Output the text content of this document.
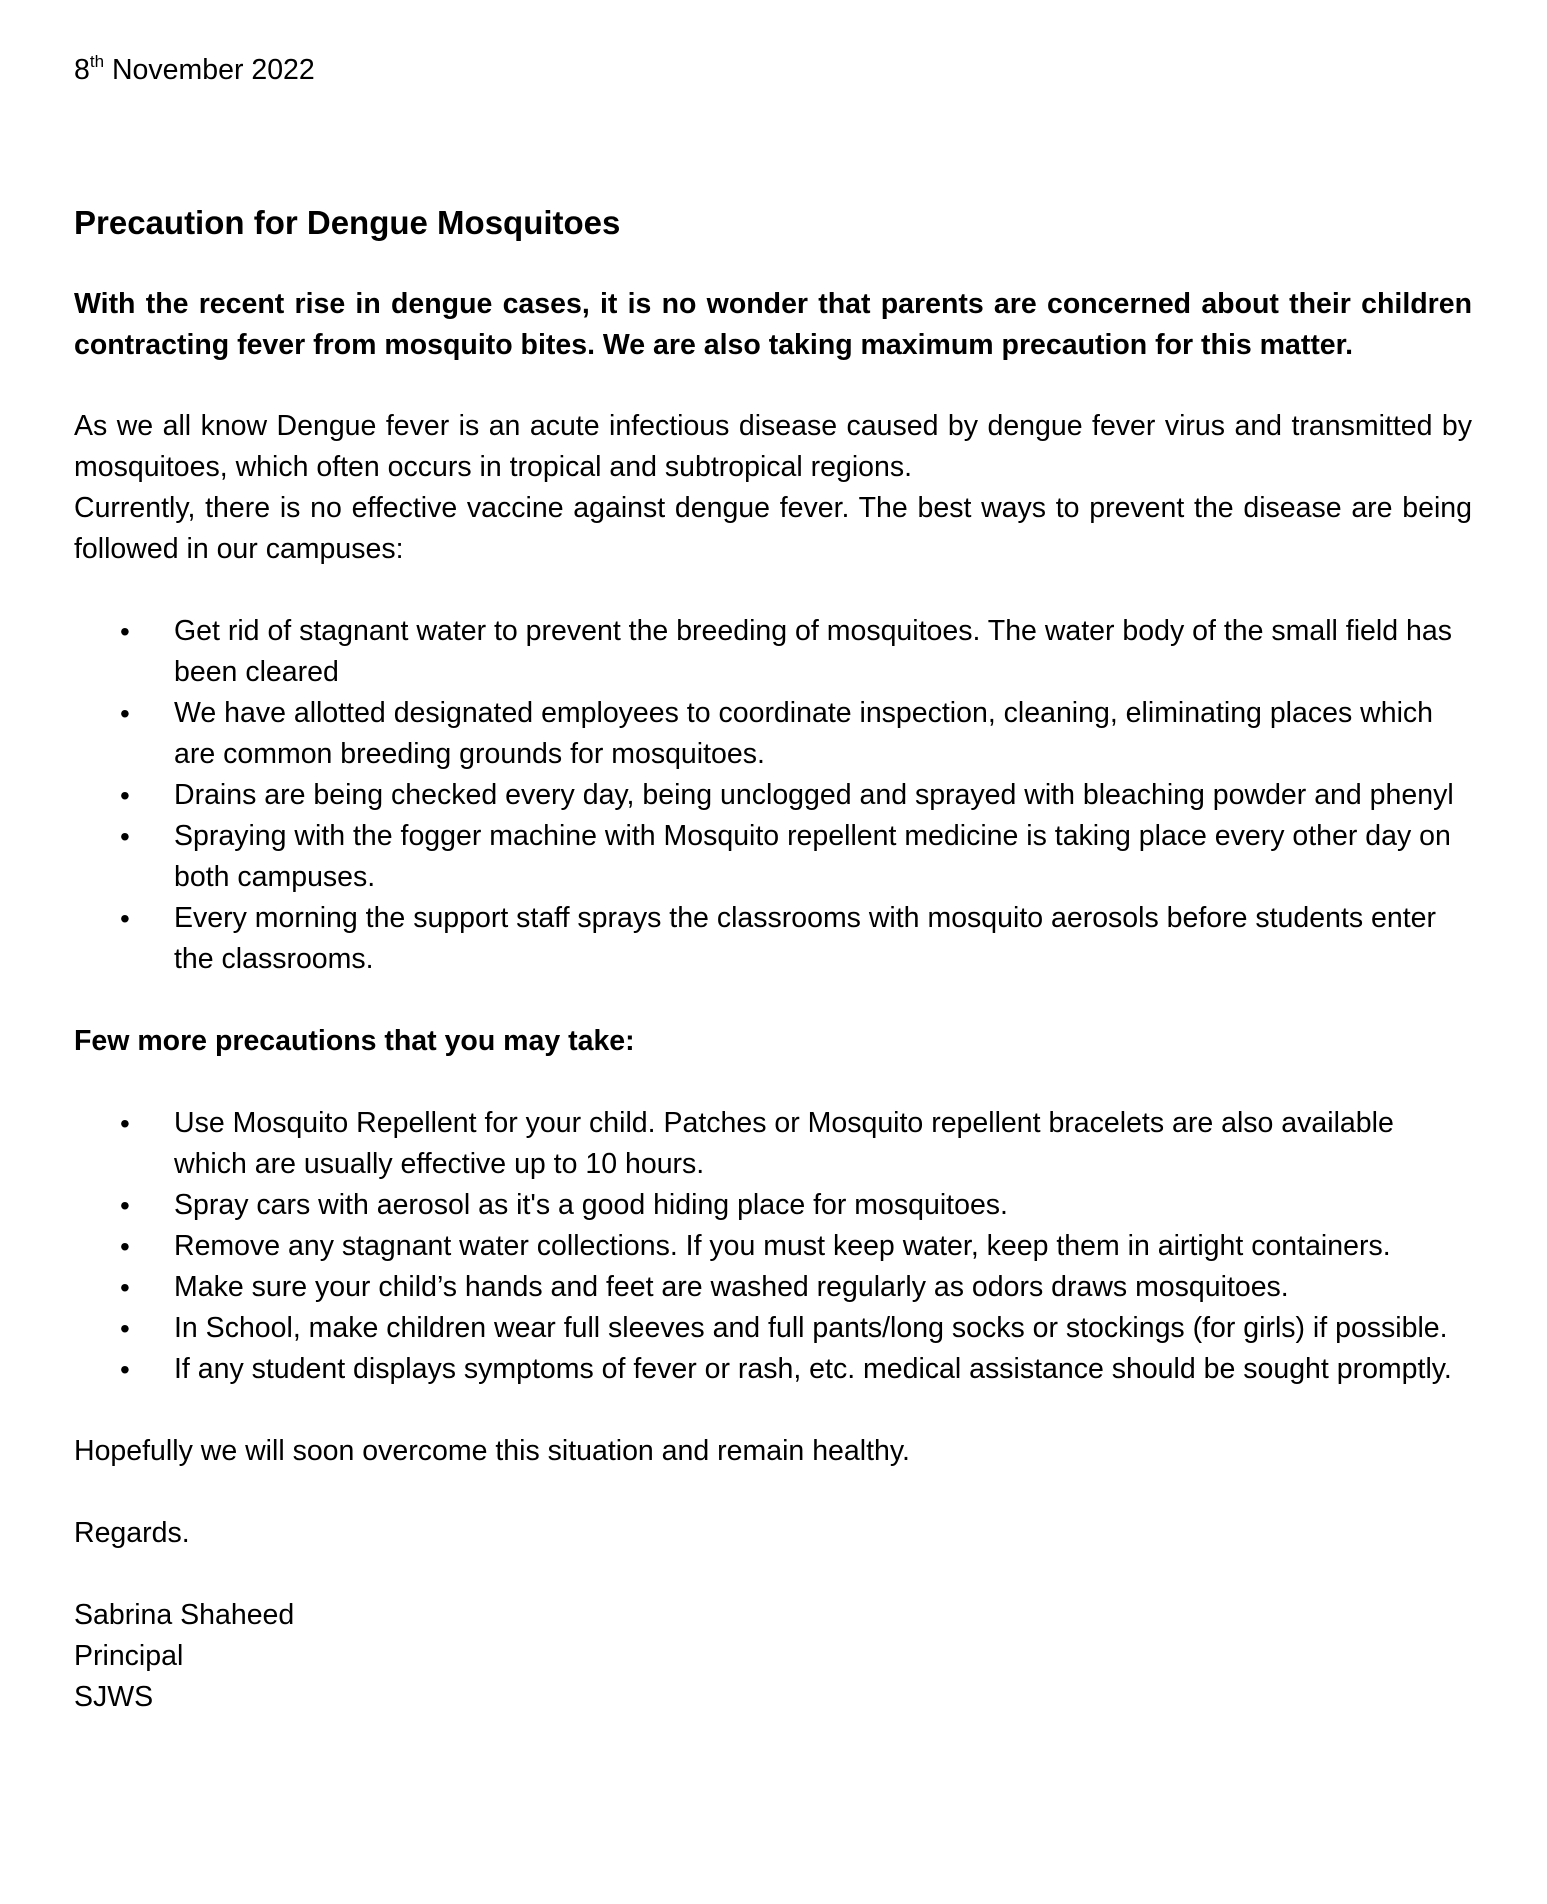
8th November 2022

Precaution for Dengue Mosquitoes

With the recent rise in dengue cases, it is no wonder that parents are concerned about their children contracting fever from mosquito bites. We are also taking maximum precaution for this matter.

As we all know Dengue fever is an acute infectious disease caused by dengue fever virus and transmitted by mosquitoes, which often occurs in tropical and subtropical regions.

Currently, there is no effective vaccine against dengue fever. The best ways to prevent the disease are being followed in our campuses:

• Get rid of stagnant water to prevent the breeding of mosquitoes. The water body of the small field has been cleared
• We have allotted designated employees to coordinate inspection, cleaning, eliminating places which are common breeding grounds for mosquitoes.
• Drains are being checked every day, being unclogged and sprayed with bleaching powder and phenyl
• Spraying with the fogger machine with Mosquito repellent medicine is taking place every other day on both campuses.
• Every morning the support staff sprays the classrooms with mosquito aerosols before students enter the classrooms.

Few more precautions that you may take:

• Use Mosquito Repellent for your child. Patches or Mosquito repellent bracelets are also available which are usually effective up to 10 hours.
• Spray cars with aerosol as it's a good hiding place for mosquitoes.
• Remove any stagnant water collections. If you must keep water, keep them in airtight containers.
• Make sure your child’s hands and feet are washed regularly as odors draws mosquitoes.
• In School, make children wear full sleeves and full pants/long socks or stockings (for girls) if possible.
• If any student displays symptoms of fever or rash, etc. medical assistance should be sought promptly.

Hopefully we will soon overcome this situation and remain healthy.

Regards.

Sabrina Shaheed
Principal
SJWS
